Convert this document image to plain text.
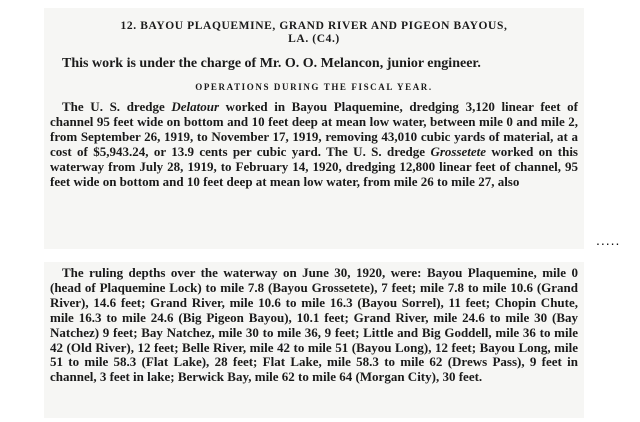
12. BAYOU PLAQUEMINE, GRAND RIVER AND PIGEON BAYOUS,

LA. (C4.)

This work is under the charge of Mr. O. O. Melancon, junior engineer.

OPERATIONS DURING THE FISCAL YEAR.

The U. S. dredge Delatour worked in Bayou Plaquemine, dredging 3,120 linear feet of channel 95 feet wide on bottom and 10 feet deep at mean low water, between mile 0 and mile 2, from September 26, 1919, to November 17, 1919, removing 43,010 cubic yards of material, at a cost of $5,943.24, or 13.9 cents per cubic yard. The U. S. dredge Grossetete worked on this waterway from July 28, 1919, to February 14, 1920, dredging 12,800 linear feet of channel, 95 feet wide on bottom and 10 feet deep at mean low water, from mile 26 to mile 27, also

.....

The ruling depths over the waterway on June 30, 1920, were: Bayou Plaquemine, mile 0 (head of Plaquemine Lock) to mile 7.8 (Bayou Grossetete), 7 feet; mile 7.8 to mile 10.6 (Grand River), 14.6 feet; Grand River, mile 10.6 to mile 16.3 (Bayou Sorrel), 11 feet; Chopin Chute, mile 16.3 to mile 24.6 (Big Pigeon Bayou), 10.1 feet; Grand River, mile 24.6 to mile 30 (Bay Natchez) 9 feet; Bay Natchez, mile 30 to mile 36, 9 feet; Little and Big Goddell, mile 36 to mile 42 (Old River), 12 feet; Belle River, mile 42 to mile 51 (Bayou Long), 12 feet; Bayou Long, mile 51 to mile 58.3 (Flat Lake), 28 feet; Flat Lake, mile 58.3 to mile 62 (Drews Pass), 9 feet in channel, 3 feet in lake; Berwick Bay, mile 62 to mile 64 (Morgan City), 30 feet.
